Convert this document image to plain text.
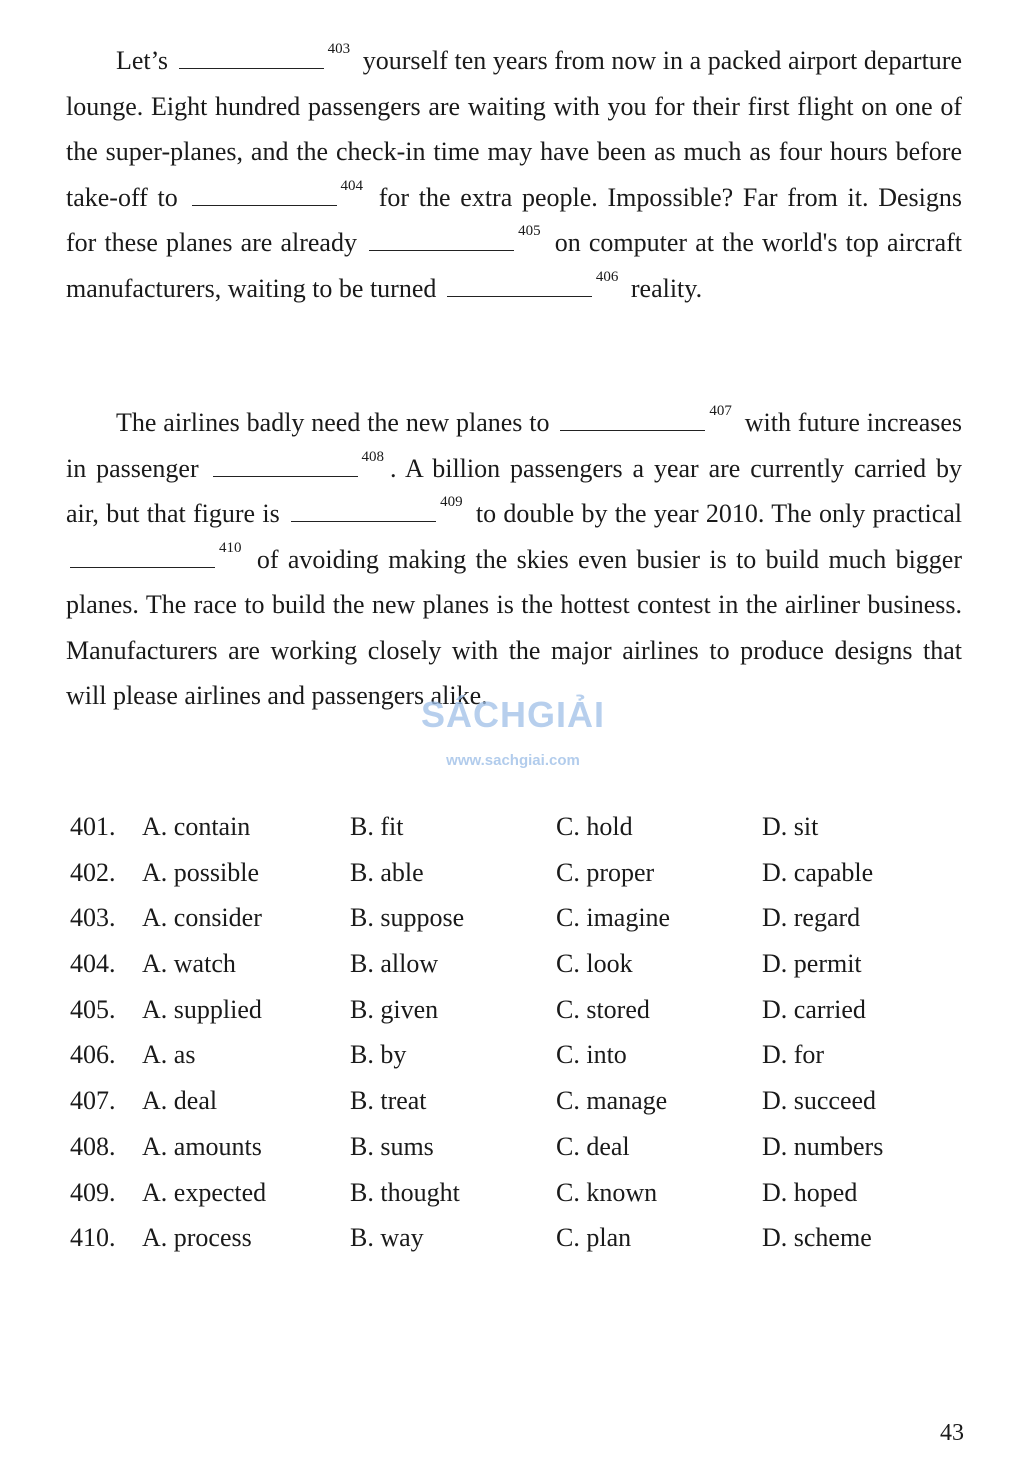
Let’s	$^{403}$ yourself ten years from now in a packed airport departure lounge. Eight hundred passengers are waiting with you for their first flight on one of the super-planes, and the check-in time may have been as much as four hours before take-off to	$^{404}$ for the extra people. Impossible? Far from it. Designs for these planes are already	$^{405}$ on computer at the world's top aircraft manufacturers, waiting to be turned	$^{406}$ reality.

The airlines badly need the new planes to	$^{407}$ with future increases in passenger	$^{408}$ . A billion passengers a year are currently carried by air, but that figure is	$^{409}$ to double by the year 2010. The only practical $^{410}$ of avoiding making the skies even busier is to build much bigger planes. The race to build the new planes is the hottest contest in the airliner business. Manufacturers are working closely with the major airlines to produce designs that will please airlines and passengers alike.

SÁCHGIẢI
www.sachgiai.com
401. A. contain	B. fit	C. hold	D. sit
402. A. possible	B. able	C. proper	D. capable
403. A. consider	B. suppose	C. imagine	D. regard
404. A. watch	B. allow	C. look	D. permit
405. A. supplied	B. given	C. stored	D. carried
406. A. as	B. by	C. into	D. for
407. A. deal	B. treat	C. manage	D. succeed
408. A. amounts	B. sums	C. deal	D. numbers
409. A. expected	B. thought	C. known	D. hoped
410. A. process	B. way	C. plan	D. scheme
43
